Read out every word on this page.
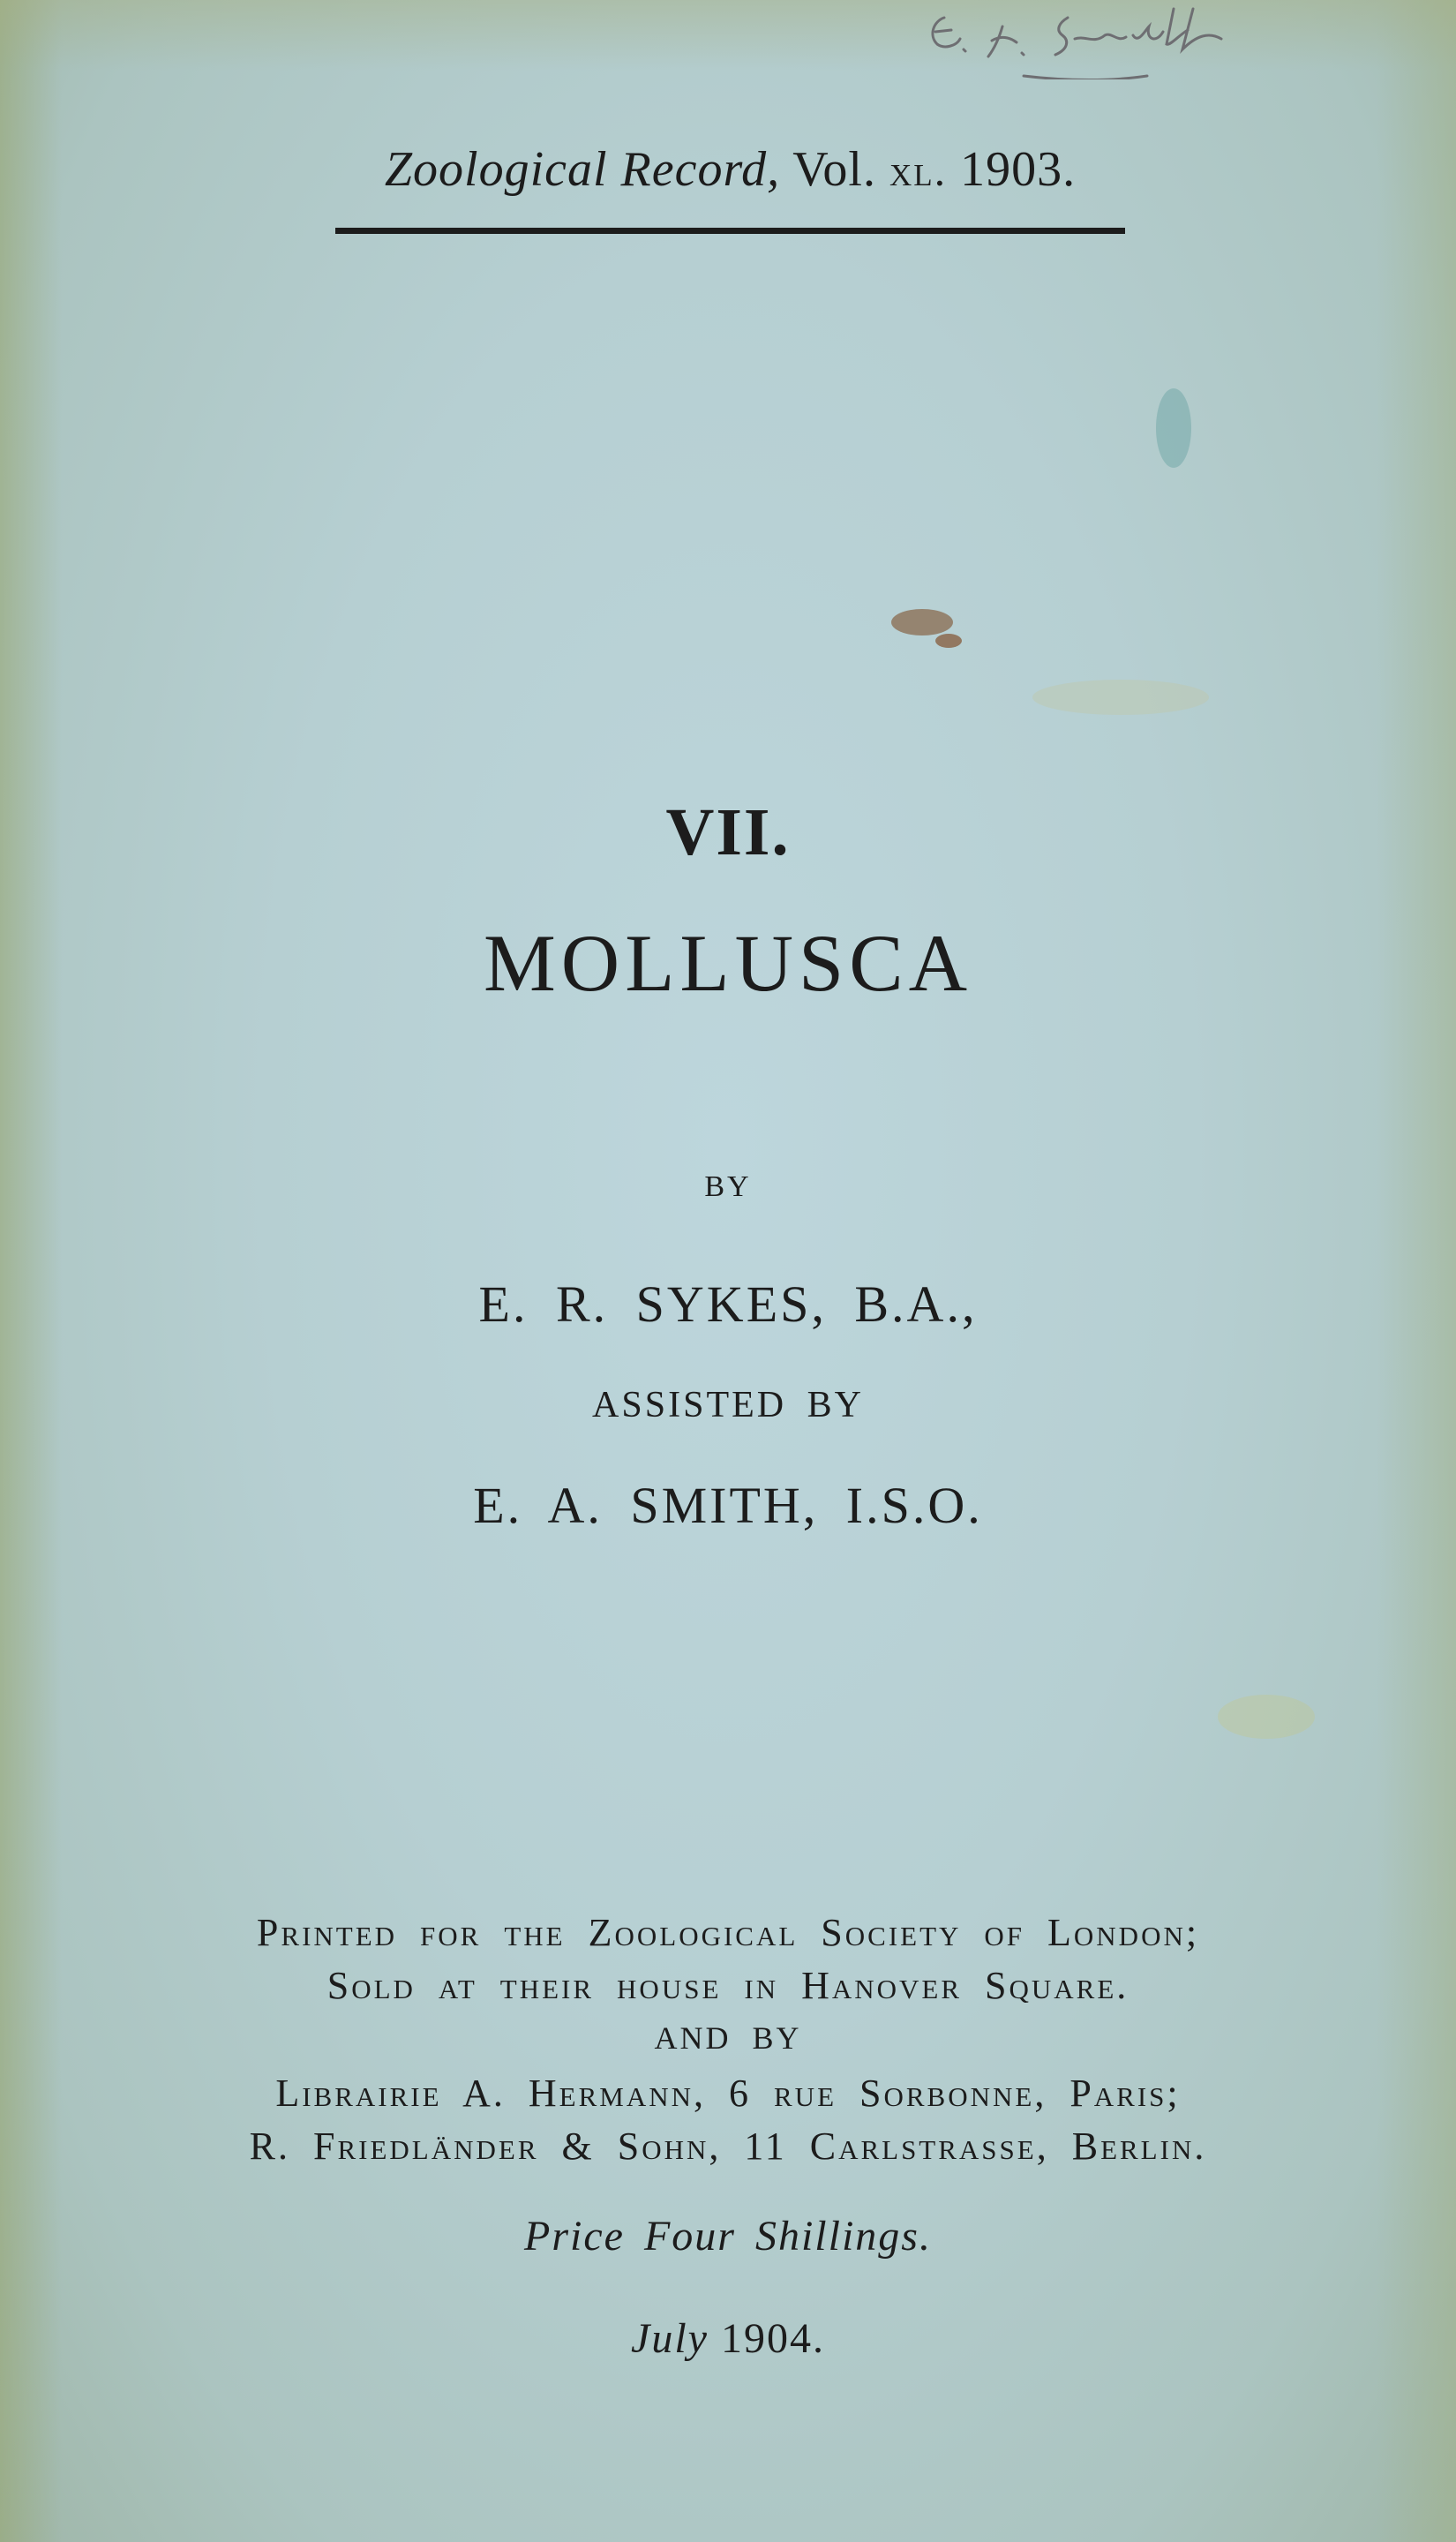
Zoological Record, Vol. xl. 1903.
VII.
MOLLUSCA
BY
E. R. SYKES, B.A.,
ASSISTED BY
E. A. SMITH, I.S.O.
Printed for the Zoological Society of London;
Sold at their house in Hanover Square.
AND BY
Librairie A. Hermann, 6 rue Sorbonne, Paris;
R. Friedländer & Sohn, 11 Carlstrasse, Berlin.
Price Four Shillings.
July 1904.
